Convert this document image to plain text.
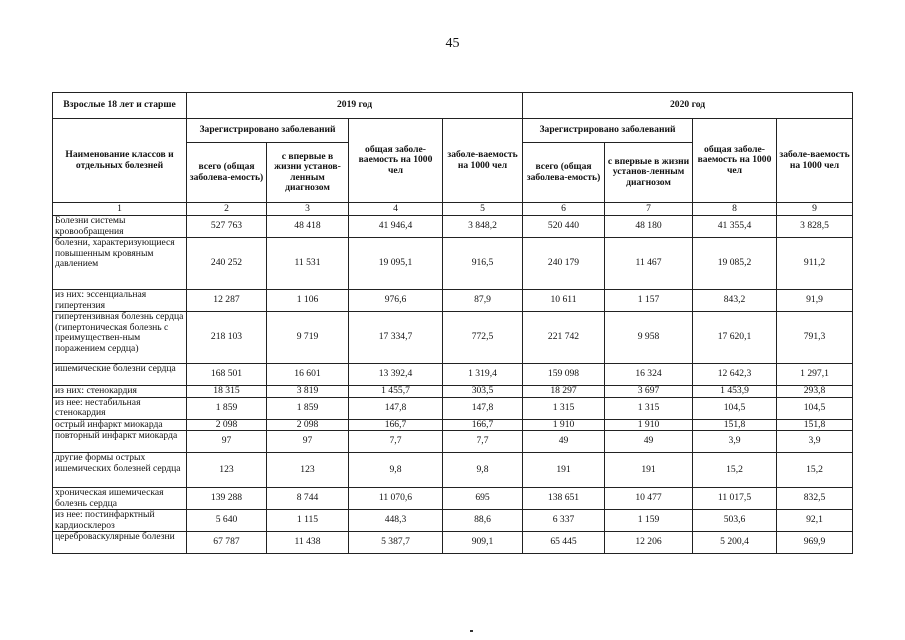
45
Взрослые 18 лет и старше	2019 год				2020 год			
Наименование классов и отдельных болезней	Зарегистрировано заболеваний		общая заболе-ваемость на 1000 чел	заболе-ваемость на 1000 чел	Зарегистрировано заболеваний		общая заболе-ваемость на 1000 чел	заболе-ваемость на 1000 чел
	всего (общая заболева-емость)	с впервые в жизни установ-ленным диагнозом			всего (общая заболева-емость)	с впервые в жизни установ-ленным диагнозом		
1	2	3	4	5	6	7	8	9
Болезни системы кровообращения	527 763	48 418	41 946,4	3 848,2	520 440	48 180	41 355,4	3 828,5
болезни, характеризующиеся повышенным кровяным давлением	240 252	11 531	19 095,1	916,5	240 179	11 467	19 085,2	911,2
из них: эссенциальная гипертензия	12 287	1 106	976,6	87,9	10 611	1 157	843,2	91,9
гипертензивная болезнь сердца (гипертоническая болезнь с преимуществен-ным поражением сердца)	218 103	9 719	17 334,7	772,5	221 742	9 958	17 620,1	791,3
ишемические болезни сердца	168 501	16 601	13 392,4	1 319,4	159 098	16 324	12 642,3	1 297,1
из них: стенокардия	18 315	3 819	1 455,7	303,5	18 297	3 697	1 453,9	293,8
из нее: нестабильная стенокардия	1 859	1 859	147,8	147,8	1 315	1 315	104,5	104,5
острый инфаркт миокарда	2 098	2 098	166,7	166,7	1 910	1 910	151,8	151,8
повторный инфаркт миокарда	97	97	7,7	7,7	49	49	3,9	3,9
другие формы острых ишемических болезней сердца	123	123	9,8	9,8	191	191	15,2	15,2
хроническая ишемическая болезнь сердца	139 288	8 744	11 070,6	695	138 651	10 477	11 017,5	832,5
из нее: постинфарктный кардиосклероз	5 640	1 115	448,3	88,6	6 337	1 159	503,6	92,1
цереброваскулярные болезни	67 787	11 438	5 387,7	909,1	65 445	12 206	5 200,4	969,9
